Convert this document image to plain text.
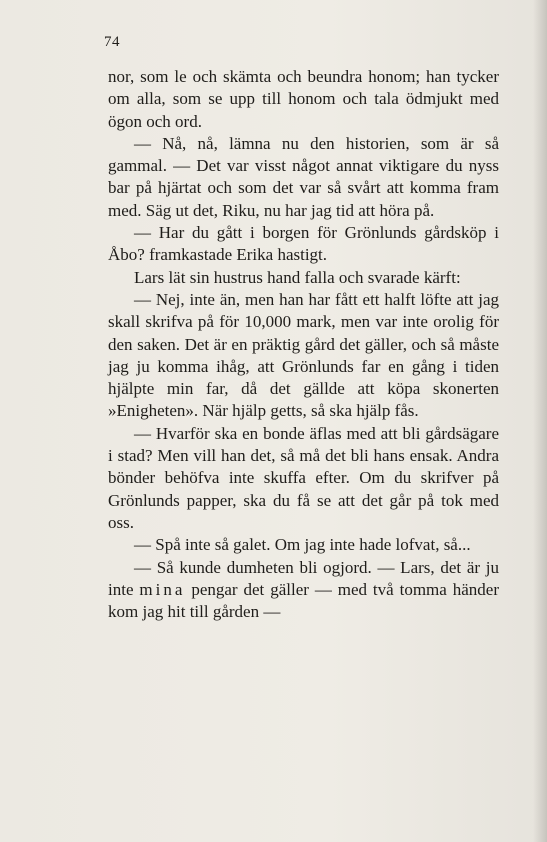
74

nor, som le och skämta och beundra honom; han tycker om alla, som se upp till honom och tala ödmjukt med ögon och ord.

— Nå, nå, lämna nu den historien, som är så gammal. — Det var visst något annat viktigare du nyss bar på hjärtat och som det var så svårt att komma fram med. Säg ut det, Riku, nu har jag tid att höra på.

— Har du gått i borgen för Grönlunds gårdsköp i Åbo? framkastade Erika hastigt.

Lars lät sin hustrus hand falla och svarade kärft:

— Nej, inte än, men han har fått ett halft löfte att jag skall skrifva på för 10,000 mark, men var inte orolig för den saken. Det är en präktig gård det gäller, och så måste jag ju komma ihåg, att Grönlunds far en gång i tiden hjälpte min far, då det gällde att köpa skonerten »Enigheten». När hjälp getts, så ska hjälp fås.

— Hvarför ska en bonde äflas med att bli gårdsägare i stad? Men vill han det, så må det bli hans ensak. Andra bönder behöfva inte skuffa efter. Om du skrifver på Grönlunds papper, ska du få se att det går på tok med oss.

— Spå inte så galet. Om jag inte hade lofvat, så...

— Så kunde dumheten bli ogjord. — Lars, det är ju inte mina pengar det gäller — med två tomma händer kom jag hit till gården —
